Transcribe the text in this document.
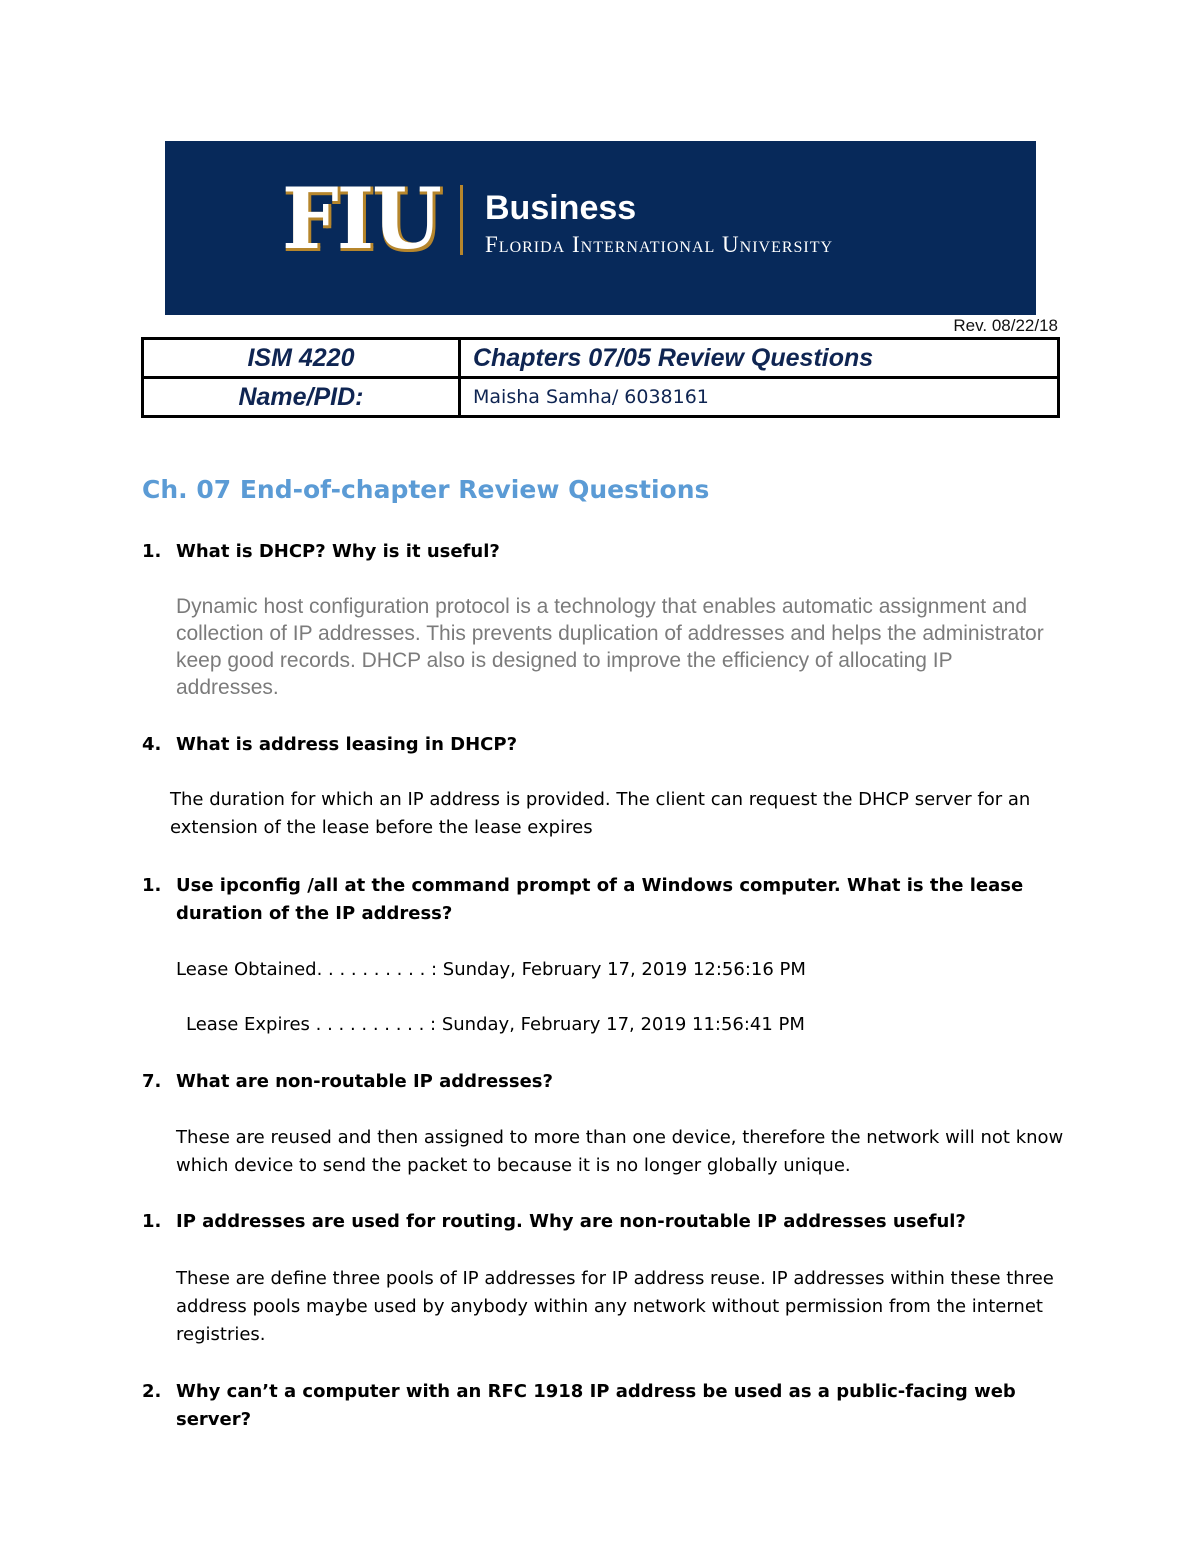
FIU Business
Florida International University
Rev. 08/22/18
ISM 4220	Chapters 07/05 Review Questions
Name/PID:	Maisha Samha/ 6038161
Ch. 07 End-of-chapter Review Questions
1. What is DHCP? Why is it useful?
Dynamic host configuration protocol is a technology that enables automatic assignment and collection of IP addresses. This prevents duplication of addresses and helps the administrator keep good records. DHCP also is designed to improve the efficiency of allocating IP addresses.
4. What is address leasing in DHCP?
The duration for which an IP address is provided. The client can request the DHCP server for an extension of the lease before the lease expires
1. Use ipconfig /all at the command prompt of a Windows computer. What is the lease duration of the IP address?
Lease Obtained. . . . . . . . . . : Sunday, February 17, 2019 12:56:16 PM
Lease Expires . . . . . . . . . . : Sunday, February 17, 2019 11:56:41 PM
7. What are non-routable IP addresses?
These are reused and then assigned to more than one device, therefore the network will not know which device to send the packet to because it is no longer globally unique.
1. IP addresses are used for routing. Why are non-routable IP addresses useful?
These are define three pools of IP addresses for IP address reuse. IP addresses within these three address pools maybe used by anybody within any network without permission from the internet registries.
2. Why can’t a computer with an RFC 1918 IP address be used as a public-facing web server?
